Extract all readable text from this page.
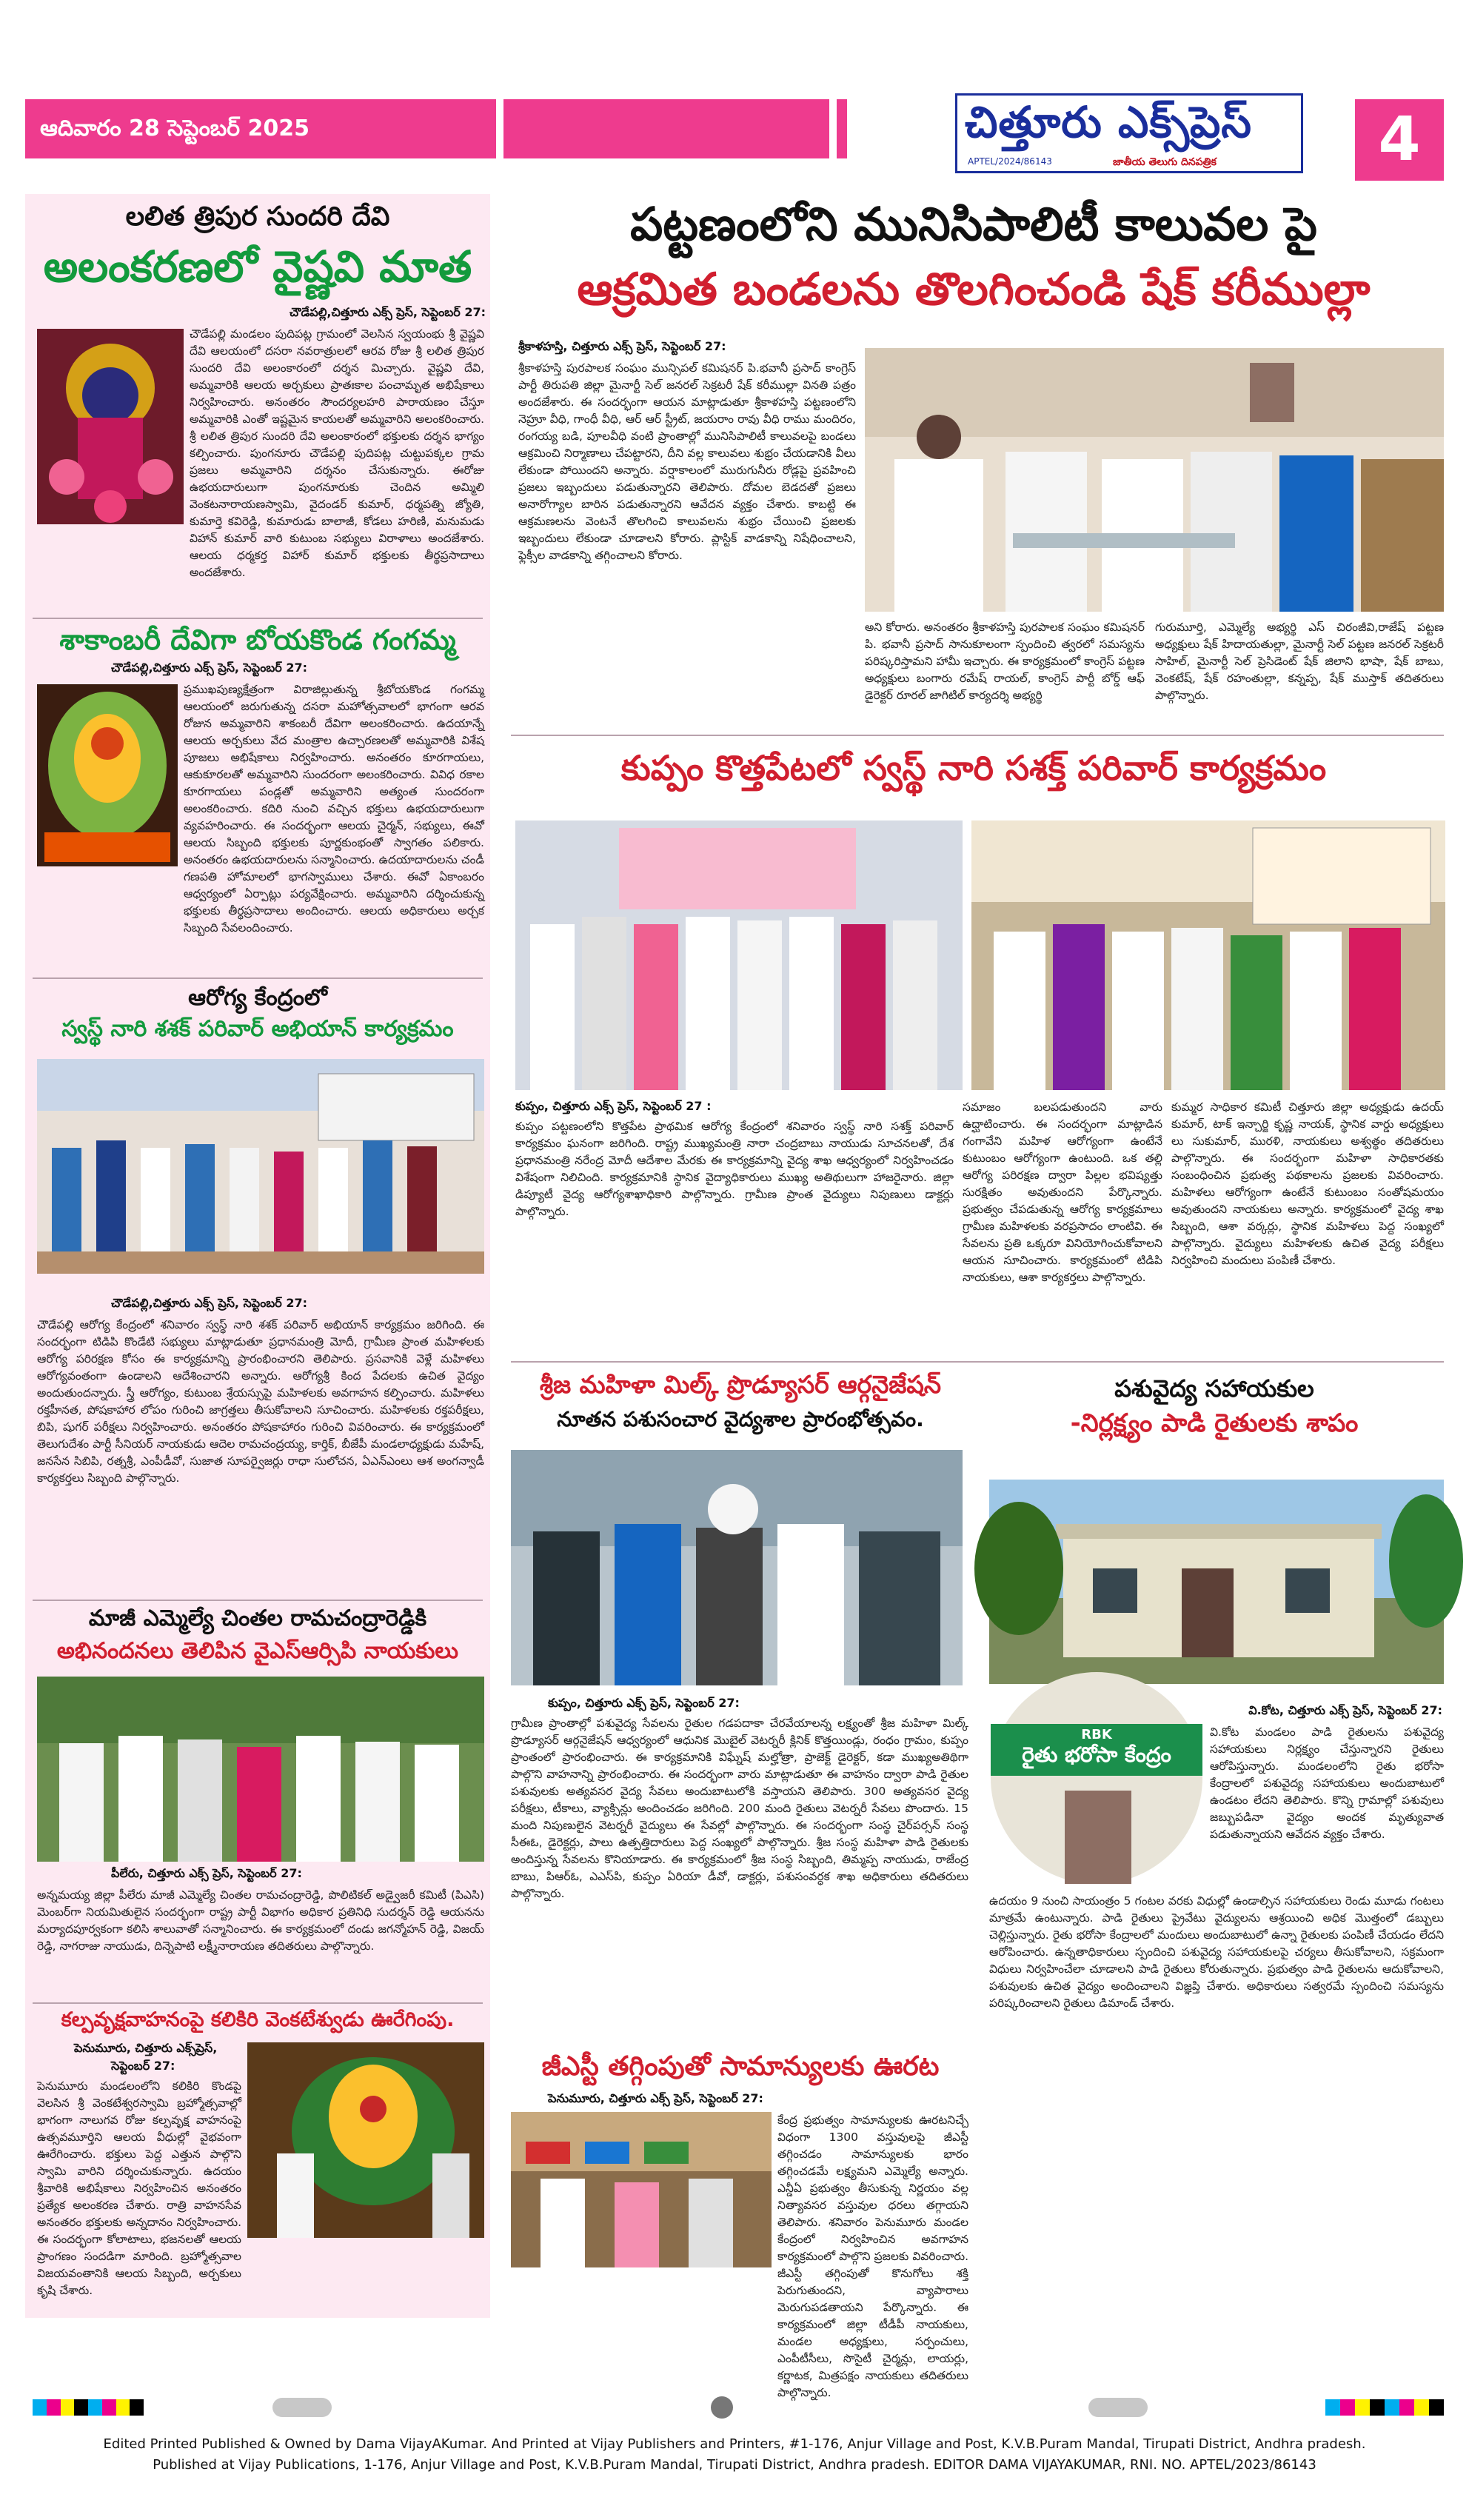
ఆదివారం 28 సెప్టెంబర్ 2025	చిత్తూరు ఎక్స్‌ప్రెస్
APTEL/2024/86143	జాతీయ తెలుగు దినపత్రిక	4
లలిత త్రిపుర సుందరి దేవి
అలంకరణలో వైష్ణవి మాత
చౌడేపల్లి,చిత్తూరు ఎక్స్ ప్రెస్, సెప్టెంబర్ 27:
చౌడేపల్లి మండలం పుదిపట్ల గ్రామంలో వెలసిన స్వయంభు శ్రీ వైష్ణవి దేవి ఆలయంలో దసరా నవరాత్రులలో ఆరవ రోజు శ్రీ లలిత త్రిపుర సుందరి దేవి అలంకారంలో దర్శన మిచ్చారు. వైష్ణవి దేవి, అమ్మవారికి ఆలయ అర్చకులు ప్రాతఃకాల పంచామృత అభిషేకాలు నిర్వహించారు. అనంతరం సౌందర్యలహరి పారాయణం చేస్తూ అమ్మవారికి ఎంతో ఇష్టమైన కాయలతో అమ్మవారిని అలంకరించారు. శ్రీ లలిత త్రిపుర సుందరి దేవి అలంకారంలో భక్తులకు దర్శన భాగ్యం కల్పించారు. పుంగనూరు చౌడేపల్లి పుదిపట్ల చుట్టుపక్కల గ్రామ ప్రజలు అమ్మవారిని దర్శనం చేసుకున్నారు. ఈరోజు ఉభయదారులుగా పుంగనూరుకు చెందిన అమ్మిలి వెంకటనారాయణస్వామి, వైదండర్ కుమార్, ధర్మపత్ని జ్యోతి, కుమార్తె కవిరెడ్డి, కుమారుడు బాలాజీ, కోడలు హరిణి, మనుమడు విహాన్ కుమార్ వారి కుటుంబ సభ్యులు విరాళాలు అందజేశారు. ఆలయ ధర్మకర్త విహార్ కుమార్ భక్తులకు తీర్థప్రసాదాలు అందజేశారు.
శాకాంబరీ దేవిగా బోయకొండ గంగమ్మ
చౌడేపల్లి,చిత్తూరు ఎక్స్ ప్రెస్, సెప్టెంబర్ 27:
ప్రముఖపుణ్యక్షేత్రంగా విరాజిల్లుతున్న శ్రీబోయకొండ గంగమ్మ ఆలయంలో జరుగుతున్న దసరా మహోత్సవాలలో భాగంగా ఆరవ రోజున అమ్మవారిని శాకంబరీ దేవిగా అలంకరించారు. ఉదయాన్నే ఆలయ అర్చకులు వేద మంత్రాల ఉచ్చారణలతో అమ్మవారికి విశేష పూజలు అభిషేకాలు నిర్వహించారు. అనంతరం కూరగాయలు, ఆకుకూరలతో అమ్మవారిని సుందరంగా అలంకరించారు. వివిధ రకాల కూరగాయలు పండ్లతో అమ్మవారిని అత్యంత సుందరంగా అలంకరించారు. కదిరి నుంచి వచ్చిన భక్తులు ఉభయదారులుగా వ్యవహరించారు. ఈ సందర్భంగా ఆలయ చైర్మన్, సభ్యులు, ఈవో ఆలయ సిబ్బంది భక్తులకు పూర్ణకుంభంతో స్వాగతం పలికారు. అనంతరం ఉభయదారులను సన్మానించారు. ఉదయాదారులను చండీ గణపతి హోమాలలో భాగస్వాములు చేశారు. ఈవో ఏకాంబరం ఆధ్వర్యంలో ఏర్పాట్లు పర్యవేక్షించారు. అమ్మవారిని దర్శించుకున్న భక్తులకు తీర్థప్రసాదాలు అందించారు. ఆలయ అధికారులు అర్చక సిబ్బంది సేవలందించారు.
ఆరోగ్య కేంద్రంలో
స్వస్థ్ నారి శశక్ పరివార్ అభియాన్ కార్యక్రమం
చౌడేపల్లి,చిత్తూరు ఎక్స్ ప్రెస్, సెప్టెంబర్ 27:
చౌడేపల్లి ఆరోగ్య కేంద్రంలో శనివారం స్వస్థ్ నారి శశక్ పరివార్ అభియాన్ కార్యక్రమం జరిగింది. ఈ సందర్భంగా టిడిపి కొండేటి సభ్యులు మాట్లాడుతూ ప్రధానమంత్రి మోదీ, గ్రామీణ ప్రాంత మహిళలకు ఆరోగ్య పరిరక్షణ కోసం ఈ కార్యక్రమాన్ని ప్రారంభించారని తెలిపారు. ప్రసవానికి వెళ్లే మహిళలు ఆరోగ్యవంతంగా ఉండాలని ఆదేశించారని అన్నారు. ఆరోగ్యశ్రీ కింద పేదలకు ఉచిత వైద్యం అందుతుందన్నారు. స్త్రీ ఆరోగ్యం, కుటుంబ శ్రేయస్సుపై మహిళలకు అవగాహన కల్పించారు. మహిళలు రక్తహీనత, పోషకాహార లోపం గురించి జాగ్రత్తలు తీసుకోవాలని సూచించారు. మహిళలకు రక్తపరీక్షలు, బిపి, షుగర్ పరీక్షలు నిర్వహించారు. అనంతరం పోషకాహారం గురించి వివరించారు. ఈ కార్యక్రమంలో తెలుగుదేశం పార్టీ సీనియర్ నాయకుడు ఆదెల రామచంద్రయ్య, కార్తిక్, బీజేపీ మండలాధ్యక్షుడు మహేష్, జనసేన సిబిపి, రత్నశ్రీ, ఎంపీడీవో, సుజాత సూపర్వైజర్లు రాధా సులోచన, ఏఎన్ఎంలు ఆశ అంగన్వాడీ కార్యకర్తలు సిబ్బంది పాల్గొన్నారు.
మాజీ ఎమ్మెల్యే చింతల రామచంద్రారెడ్డికి
అభినందనలు తెలిపిన వైఎస్ఆర్సిపి నాయకులు
పీలేరు, చిత్తూరు ఎక్స్ ప్రెస్, సెప్టెంబర్ 27:
అన్నమయ్య జిల్లా పీలేరు మాజీ ఎమ్మెల్యే చింతల రామచంద్రారెడ్డి, పొలిటికల్ అడ్వైజరీ కమిటీ (పిఎసి) మెంబర్‌గా నియమితులైన సందర్భంగా రాష్ట్ర పార్టీ విభాగం అధికార ప్రతినిధి సుదర్శన్ రెడ్డి ఆయనను మర్యాదపూర్వకంగా కలిసి శాలువాతో సన్మానించారు. ఈ కార్యక్రమంలో దండు జగన్మోహన్ రెడ్డి, విజయ్ రెడ్డి, నాగరాజు నాయుడు, దిన్నెపాటి లక్ష్మీనారాయణ తదితరులు పాల్గొన్నారు.
కల్పవృక్షవాహనంపై కలికిరి వెంకటేశ్వుడు ఊరేగింపు.
పెనుమూరు, చిత్తూరు ఎక్స్‌ప్రెస్,
సెప్టెంబర్ 27:
పెనుమూరు మండలంలోని కలికిరి కొండపై వెలసిన శ్రీ వెంకటేశ్వరస్వామి బ్రహ్మోత్సవాల్లో భాగంగా నాలుగవ రోజు కల్పవృక్ష వాహనంపై ఉత్సవమూర్తిని ఆలయ వీధుల్లో వైభవంగా ఊరేగించారు. భక్తులు పెద్ద ఎత్తున పాల్గొని స్వామి వారిని దర్శించుకున్నారు. ఉదయం శ్రీవారికి అభిషేకాలు నిర్వహించిన అనంతరం ప్రత్యేక అలంకరణ చేశారు. రాత్రి వాహనసేవ అనంతరం భక్తులకు అన్నదానం నిర్వహించారు. ఈ సందర్భంగా కోలాటాలు, భజనలతో ఆలయ ప్రాంగణం సందడిగా మారింది. బ్రహ్మోత్సవాల విజయవంతానికి ఆలయ సిబ్బంది, అర్చకులు కృషి చేశారు.
పట్టణంలోని మునిసిపాలిటీ కాలువల పై
ఆక్రమిత బండలను తొలగించండి షేక్ కరీముల్లా
శ్రీకాళహస్తి, చిత్తూరు ఎక్స్ ప్రెస్, సెప్టెంబర్ 27:
శ్రీకాళహస్తి పురపాలక సంఘం మున్సిపల్ కమిషనర్ పి.భవానీ ప్రసాద్ కాంగ్రెస్ పార్టీ తిరుపతి జిల్లా మైనార్టీ సెల్ జనరల్ సెక్రటరీ షేక్ కరీముల్లా వినతి పత్రం అందజేశారు. ఈ సందర్భంగా ఆయన మాట్లాడుతూ శ్రీకాళహస్తి పట్టణంలోని నెహ్రూ వీధి, గాంధీ వీధి, ఆర్ ఆర్ స్ట్రీట్, జయరాం రావు వీధి రాము మందిరం, రంగయ్య బడి, పూలవీధి వంటి ప్రాంతాల్లో మునిసిపాలిటీ కాలువలపై బండలు ఆక్రమించి నిర్మాణాలు చేపట్టారని, దీని వల్ల కాలువలు శుభ్రం చేయడానికి వీలు లేకుండా పోయిందని అన్నారు. వర్షాకాలంలో మురుగునీరు రోడ్లపై ప్రవహించి ప్రజలు ఇబ్బందులు పడుతున్నారని తెలిపారు. దోమల బెడదతో ప్రజలు అనారోగ్యాల బారిన పడుతున్నారని ఆవేదన వ్యక్తం చేశారు. కాబట్టి ఈ ఆక్రమణలను వెంటనే తొలగించి కాలువలను శుభ్రం చేయించి ప్రజలకు ఇబ్బందులు లేకుండా చూడాలని కోరారు. ప్లాస్టిక్ వాడకాన్ని నిషేధించాలని, ఫ్లెక్సీల వాడకాన్ని తగ్గించాలని కోరారు.
అని కోరారు. అనంతరం శ్రీకాళహస్తి పురపాలక సంఘం కమిషనర్ పి. భవానీ ప్రసాద్ సానుకూలంగా స్పందించి త్వరలో సమస్యను పరిష్కరిస్తామని హామీ ఇచ్చారు. ఈ కార్యక్రమంలో కాంగ్రెస్ పట్టణ అధ్యక్షులు బంగారు రమేష్ రాయల్, కాంగ్రెస్ పార్టీ బోర్డ్ ఆఫ్ డైరెక్టర్ రూరల్ జాగిటిల్ కార్యదర్శి అభ్యర్థి
గురుమూర్తి, ఎమ్మెల్యే అభ్యర్థి ఎస్ చిరంజీవి,రాజేష్ పట్టణ అధ్యక్షులు షేక్ హిదాయతుల్లా, మైనార్టీ సెల్ పట్టణ జనరల్ సెక్రటరీ సాహిల్, మైనార్టీ సెల్ ప్రెసిడెంట్ షేక్ జిలాని భాషా, షేక్ బాబు, వెంకటేష్, షేక్ రహంతుల్లా, కన్నప్ప, షేక్ ముస్తాక్ తదితరులు పాల్గొన్నారు.
కుప్పం కొత్తపేటలో స్వస్థ్ నారి స‌శక్త్ పరివార్ కార్యక్రమం
కుప్పం, చిత్తూరు ఎక్స్ ప్రెస్, సెప్టెంబర్ 27 :
కుప్పం పట్టణంలోని కొత్తపేట ప్రాథమిక ఆరోగ్య కేంద్రంలో శనివారం స్వస్థ్ నారి సశక్త్ పరివార్ కార్యక్రమం ఘనంగా జరిగింది. రాష్ట్ర ముఖ్యమంత్రి నారా చంద్రబాబు నాయుడు సూచనలతో, దేశ ప్రధానమంత్రి నరేంద్ర మోదీ ఆదేశాల మేరకు ఈ కార్యక్రమాన్ని వైద్య శాఖ ఆధ్వర్యంలో నిర్వహించడం విశేషంగా నిలిచింది. కార్యక్రమానికి స్థానిక వైద్యాధికారులు ముఖ్య అతిథులుగా హాజరైనారు. జిల్లా డిప్యూటీ వైద్య ఆరోగ్యశాఖాధికారి పాల్గొన్నారు. గ్రామీణ ప్రాంత వైద్యులు నిపుణులు డాక్టర్లు పాల్గొన్నారు.
సమాజం బలపడుతుందని వారు ఉద్ఘాటించారు. ఈ సందర్భంగా మాట్లాడిన గంగావేని మహిళ ఆరోగ్యంగా ఉంటేనే కుటుంబం ఆరోగ్యంగా ఉంటుంది. ఒక తల్లి ఆరోగ్య పరిరక్షణ ద్వారా పిల్లల భవిష్యత్తు సురక్షితం అవుతుందని పేర్కొన్నారు. ప్రభుత్వం చేపడుతున్న ఆరోగ్య కార్యక్రమాలు గ్రామీణ మహిళలకు వరప్రసాదం లాంటివి. ఈ సేవలను ప్రతి ఒక్కరూ వినియోగించుకోవాలని ఆయన సూచించారు. కార్యక్రమంలో టిడిపి నాయకులు, ఆశా కార్యకర్తలు పాల్గొన్నారు.
కుమ్మర సాధికార కమిటీ చిత్తూరు జిల్లా అధ్యక్షుడు ఉదయ్ కుమార్, టాక్ ఇన్చార్జి కృష్ణ నాయక్, స్థానిక వార్డు అధ్యక్షులు లు సుకుమార్, మురళి, నాయకులు అశ్వత్థం తదితరులు పాల్గొన్నారు. ఈ సందర్భంగా మహిళా సాధికారతకు సంబంధించిన ప్రభుత్వ పథకాలను ప్రజలకు వివరించారు. మహిళలు ఆరోగ్యంగా ఉంటేనే కుటుంబం సంతోషమయం అవుతుందని నాయకులు అన్నారు. కార్యక్రమంలో వైద్య శాఖ సిబ్బంది, ఆశా వర్కర్లు, స్థానిక మహిళలు పెద్ద సంఖ్యలో పాల్గొన్నారు. వైద్యులు మహిళలకు ఉచిత వైద్య పరీక్షలు నిర్వహించి మందులు పంపిణీ చేశారు.
శ్రీజ మహిళా మిల్క్ ప్రొడ్యూసర్ ఆర్గనైజేషన్
నూతన పశుసంచార వైద్యశాల ప్రారంభోత్సవం.
కుప్పం, చిత్తూరు ఎక్స్ ప్రెస్, సెప్టెంబర్ 27:
గ్రామీణ ప్రాంతాల్లో పశువైద్య సేవలను రైతుల గడపదాకా చేరవేయాలన్న లక్ష్యంతో శ్రీజ మహిళా మిల్క్ ప్రొడ్యూసర్ ఆర్గనైజేషన్ ఆధ్వర్యంలో ఆధునిక మొబైల్ వెటర్నరీ క్లినిక్ కొత్తయిండ్లు, రంధం గ్రామం, కుప్పం ప్రాంతంలో ప్రారంభించారు. ఈ కార్యక్రమానికి విఘ్నేష్ మల్హోత్రా, ప్రాజెక్ట్ డైరెక్టర్, కడా ముఖ్యఅతిథిగా పాల్గొని వాహనాన్ని ప్రారంభించారు. ఈ సందర్భంగా వారు మాట్లాడుతూ ఈ వాహనం ద్వారా పాడి రైతుల పశువులకు అత్యవసర వైద్య సేవలు అందుబాటులోకి వస్తాయని తెలిపారు. 300 అత్యవసర వైద్య పరీక్షలు, టీకాలు, వ్యాక్సిన్లు అందించడం జరిగింది. 200 మంది రైతులు వెటర్నరీ సేవలు పొందారు. 15 మంది నిపుణులైన వెటర్నరీ వైద్యులు ఈ సేవల్లో పాల్గొన్నారు. ఈ సందర్భంగా సంస్థ చైర్‌పర్సన్ సంస్థ సీఈఓ, డైరెక్టర్లు, పాలు ఉత్పత్తిదారులు పెద్ద సంఖ్యలో పాల్గొన్నారు. శ్రీజ సంస్థ మహిళా పాడి రైతులకు అందిస్తున్న సేవలను కొనియాడారు. ఈ కార్యక్రమంలో శ్రీజ సంస్థ సిబ్బంది, తిమ్మప్ప నాయుడు, రాజేంద్ర బాబు, పిఆర్ఓ, ఎఎస్‌పి, కుప్పం ఏరియా డీవో, డాక్టర్లు, పశుసంవర్ధక శాఖ అధికారులు తదితరులు పాల్గొన్నారు.
జీఎస్టీ తగ్గింపుతో సామాన్యులకు ఊరట
పెనుమూరు, చిత్తూరు ఎక్స్ ప్రెస్, సెప్టెంబర్ 27:
కేంద్ర ప్రభుత్వం సామాన్యులకు ఊరటనిచ్చే విధంగా 1300 వస్తువులపై జీఎస్టీ తగ్గించడం సామాన్యులకు భారం తగ్గించడమే లక్ష్యమని ఎమ్మెల్యే అన్నారు. ఎన్డీఏ ప్రభుత్వం తీసుకున్న నిర్ణయం వల్ల నిత్యావసర వస్తువుల ధరలు తగ్గాయని తెలిపారు. శనివారం పెనుమూరు మండల కేంద్రంలో నిర్వహించిన అవగాహన కార్యక్రమంలో పాల్గొని ప్రజలకు వివరించారు. జీఎస్టీ తగ్గింపుతో కొనుగోలు శక్తి పెరుగుతుందని, వ్యాపారాలు మెరుగుపడతాయని పేర్కొన్నారు. ఈ కార్యక్రమంలో జిల్లా టీడీపీ నాయకులు, మండల అధ్యక్షులు, సర్పంచులు, ఎంపీటీసీలు, సొసైటీ చైర్మన్లు, లాయర్లు, కర్ణాటక, మిత్రపక్షం నాయకులు తదితరులు పాల్గొన్నారు.
పశువైద్య సహాయకుల
-నిర్లక్ష్యం పాడి రైతులకు శాపం
RBK
రైతు భరోసా కేంద్రం
వి.కోట, చిత్తూరు ఎక్స్ ప్రెస్, సెప్టెంబర్ 27:
వి.కోట మండలం పాడి రైతులను పశువైద్య సహాయకులు నిర్లక్ష్యం చేస్తున్నారని రైతులు ఆరోపిస్తున్నారు. మండలంలోని రైతు భరోసా కేంద్రాలలో పశువైద్య సహాయకులు అందుబాటులో ఉండటం లేదని తెలిపారు. కొన్ని గ్రామాల్లో పశువులు జబ్బుపడినా వైద్యం అందక మృత్యువాత పడుతున్నాయని ఆవేదన వ్యక్తం చేశారు.
ఉదయం 9 నుంచి సాయంత్రం 5 గంటల వరకు విధుల్లో ఉండాల్సిన సహాయకులు రెండు మూడు గంటలు మాత్రమే ఉంటున్నారు. పాడి రైతులు ప్రైవేటు వైద్యులను ఆశ్రయించి అధిక మొత్తంలో డబ్బులు చెల్లిస్తున్నారు. రైతు భరోసా కేంద్రాలలో మందులు అందుబాటులో ఉన్నా రైతులకు పంపిణీ చేయడం లేదని ఆరోపించారు. ఉన్నతాధికారులు స్పందించి పశువైద్య సహాయకులపై చర్యలు తీసుకోవాలని, సక్రమంగా విధులు నిర్వహించేలా చూడాలని పాడి రైతులు కోరుతున్నారు. ప్రభుత్వం పాడి రైతులను ఆదుకోవాలని, పశువులకు ఉచిత వైద్యం అందించాలని విజ్ఞప్తి చేశారు. అధికారులు సత్వరమే స్పందించి సమస్యను పరిష్కరించాలని రైతులు డిమాండ్ చేశారు.
Edited Printed Published & Owned by Dama VijayAKumar. And Printed at Vijay Publishers and Printers, #1-176, Anjur Village and Post, K.V.B.Puram Mandal, Tirupati District, Andhra pradesh.
Published at Vijay Publications, 1-176, Anjur Village and Post, K.V.B.Puram Mandal, Tirupati District, Andhra pradesh. EDITOR DAMA VIJAYAKUMAR, RNI. NO. APTEL/2023/86143
